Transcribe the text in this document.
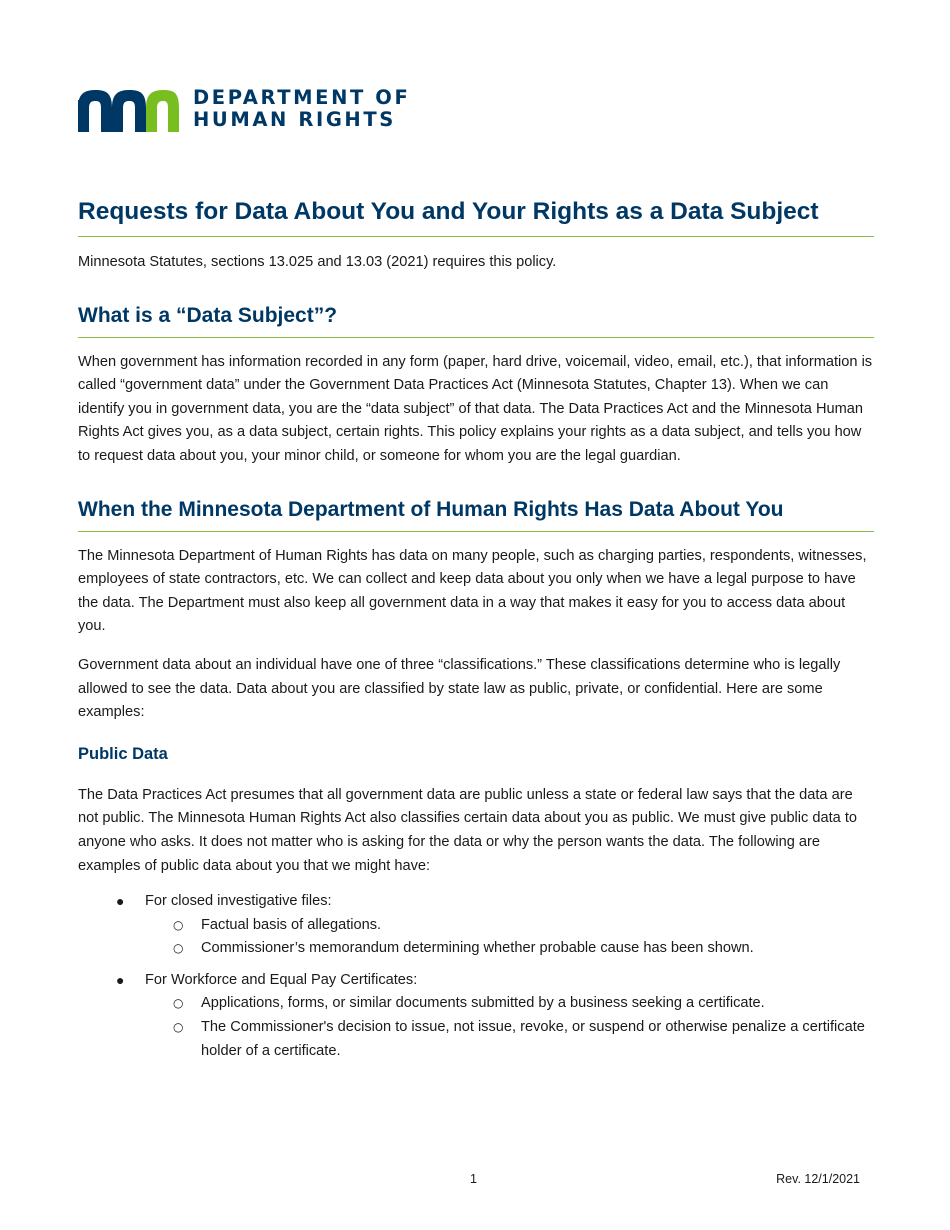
DEPARTMENT OF
HUMAN RIGHTS
Requests for Data About You and Your Rights as a Data Subject

Minnesota Statutes, sections 13.025 and 13.03 (2021) requires this policy.

What is a “Data Subject”?

When government has information recorded in any form (paper, hard drive, voicemail, video, email, etc.), that information is called “government data” under the Government Data Practices Act (Minnesota Statutes, Chapter 13). When we can identify you in government data, you are the “data subject” of that data. The Data Practices Act and the Minnesota Human Rights Act gives you, as a data subject, certain rights. This policy explains your rights as a data subject, and tells you how to request data about you, your minor child, or someone for whom you are the legal guardian.

When the Minnesota Department of Human Rights Has Data About You

The Minnesota Department of Human Rights has data on many people, such as charging parties, respondents, witnesses, employees of state contractors, etc. We can collect and keep data about you only when we have a legal purpose to have the data. The Department must also keep all government data in a way that makes it easy for you to access data about you.

Government data about an individual have one of three “classifications.” These classifications determine who is legally allowed to see the data. Data about you are classified by state law as public, private, or confidential. Here are some examples:

Public Data

The Data Practices Act presumes that all government data are public unless a state or federal law says that the data are not public. The Minnesota Human Rights Act also classifies certain data about you as public. We must give public data to anyone who asks. It does not matter who is asking for the data or why the person wants the data. The following are examples of public data about you that we might have:

● For closed investigative files:
○ Factual basis of allegations.
○ Commissioner’s memorandum determining whether probable cause has been shown.
● For Workforce and Equal Pay Certificates:
○ Applications, forms, or similar documents submitted by a business seeking a certificate.
○ The Commissioner's decision to issue, not issue, revoke, or suspend or otherwise penalize a certificate holder of a certificate.
1	Rev. 12/1/2021
